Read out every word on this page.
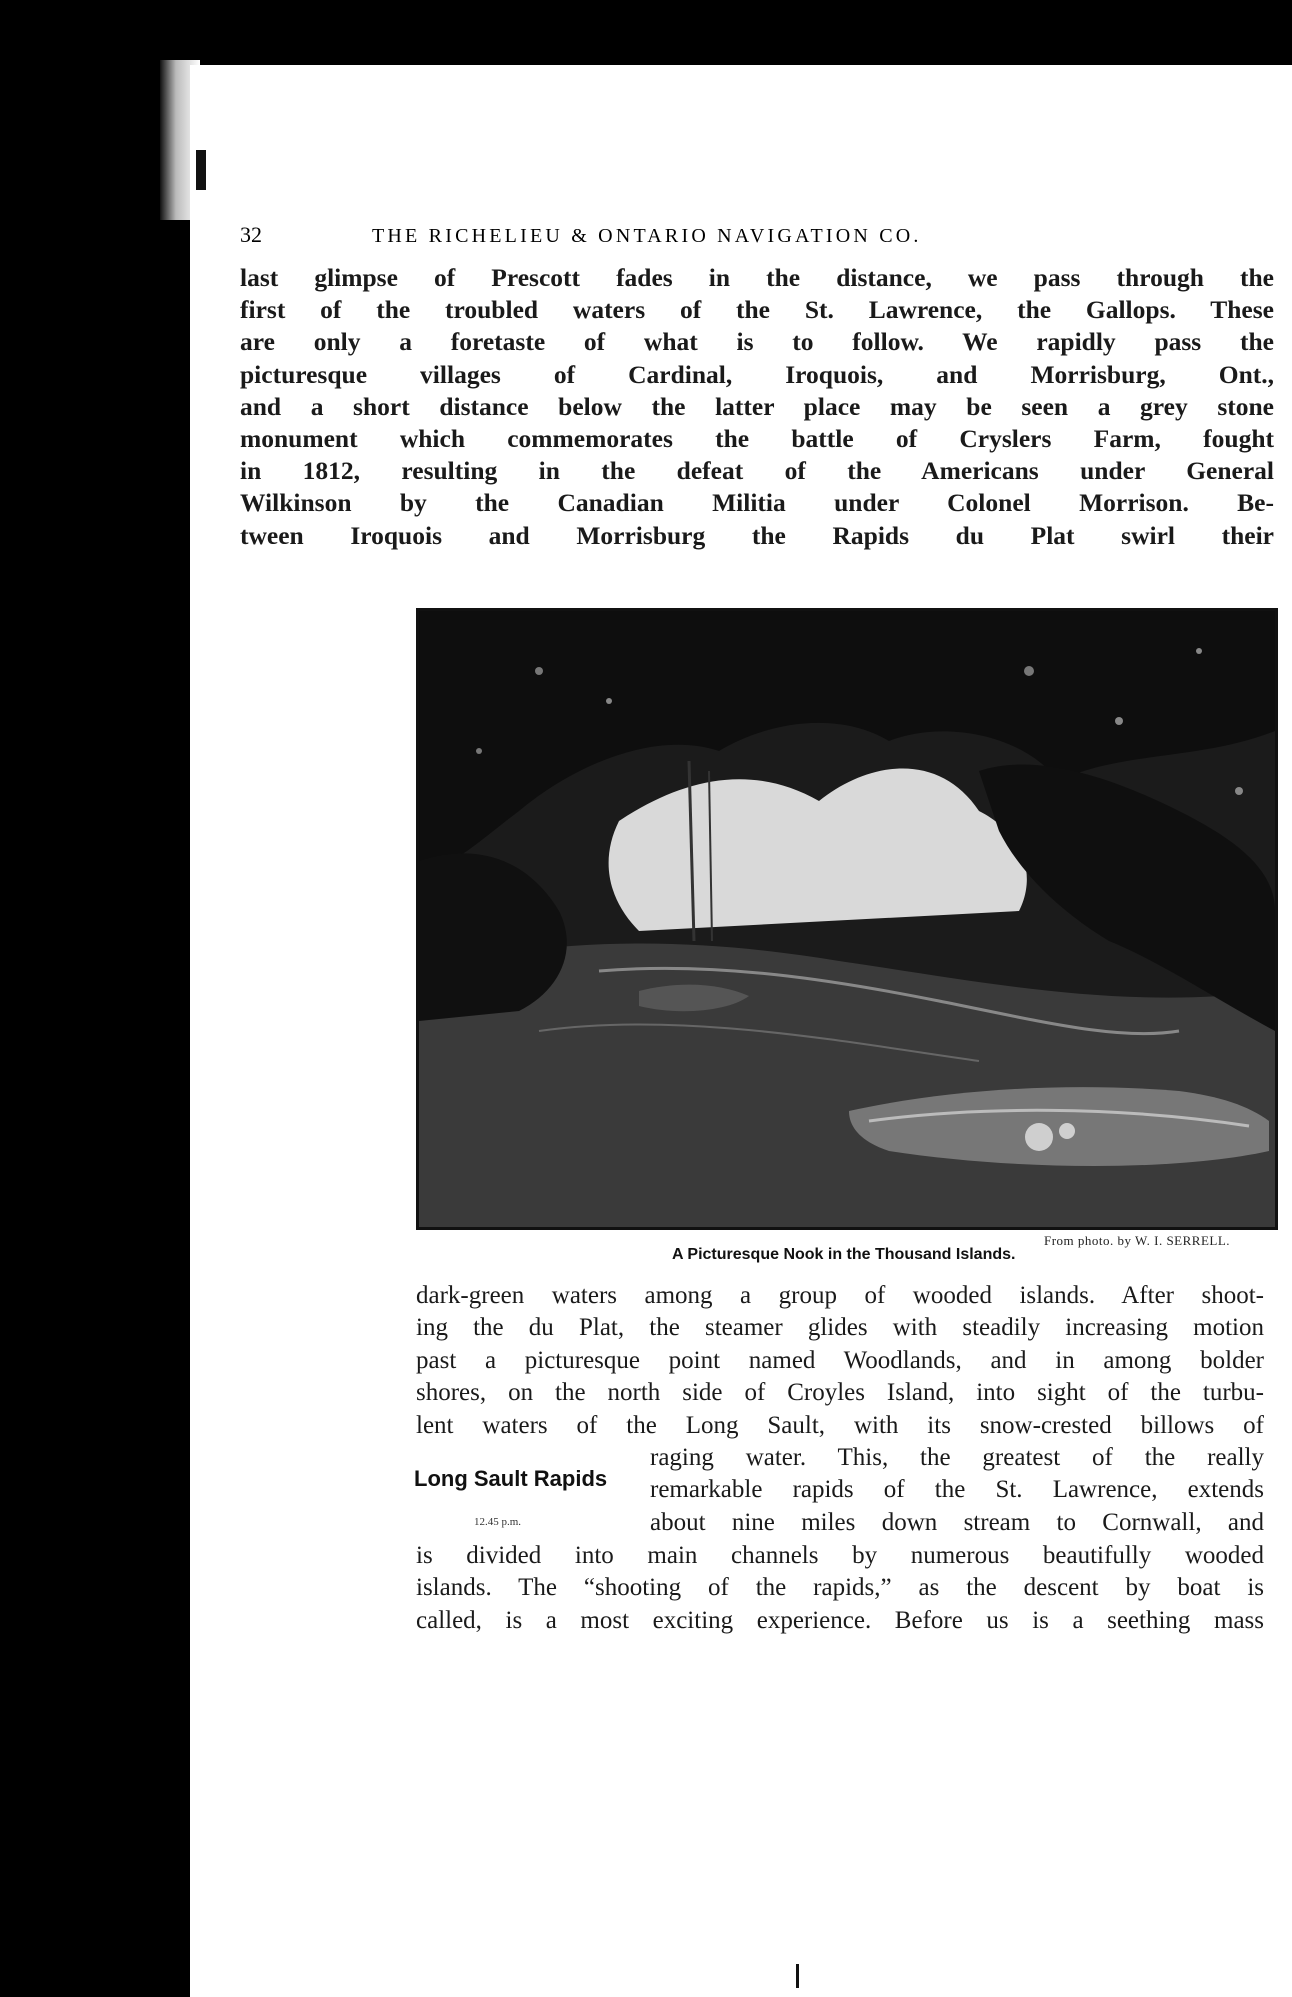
32	THE RICHELIEU & ONTARIO NAVIGATION CO.
last glimpse of Prescott fades in the distance, we pass through the
first of the troubled waters of the St. Lawrence, the Gallops. These
are only a foretaste of what is to follow. We rapidly pass the
picturesque villages of Cardinal, Iroquois, and Morrisburg, Ont.,
and a short distance below the latter place may be seen a grey stone
monument which commemorates the battle of Cryslers Farm, fought
in 1812, resulting in the defeat of the Americans under General
Wilkinson by the Canadian Militia under Colonel Morrison. Be-
tween Iroquois and Morrisburg the Rapids du Plat swirl their
From photo. by W. I. SERRELL.
A Picturesque Nook in the Thousand Islands.
dark-green waters among a group of wooded islands. After shoot-
ing the du Plat, the steamer glides with steadily increasing motion
past a picturesque point named Woodlands, and in among bolder
shores, on the north side of Croyles Island, into sight of the turbu-
lent waters of the Long Sault, with its snow-crested billows of
Long Sault Rapids
12.45 p.m.
raging water. This, the greatest of the really
remarkable rapids of the St. Lawrence, extends
about nine miles down stream to Cornwall, and
is divided into main channels by numerous beautifully wooded
islands. The “shooting of the rapids,” as the descent by boat is
called, is a most exciting experience. Before us is a seething mass
